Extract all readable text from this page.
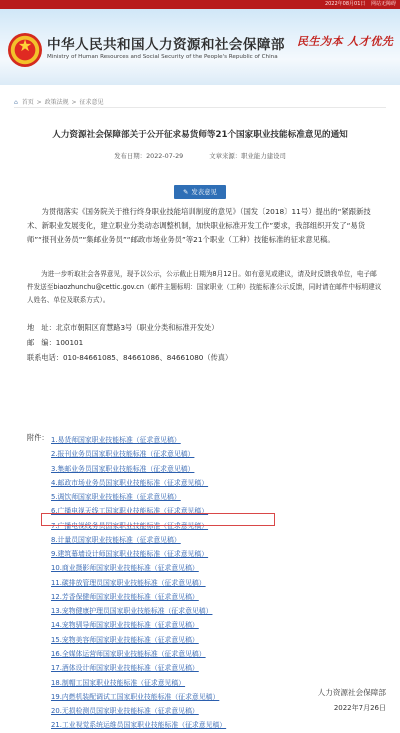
2022年08月01日 网站无障碍
★	中华人民共和国人力资源和社会保障部
Ministry of Human Resources and Social Security of the People's Republic of China
民生为本 人才优先
⌂ 首页 > 政策法规 > 征求意见
人力资源社会保障部关于公开征求易货师等21个国家职业技能标准意见的通知
发布日期：2022-07-29	文章来源：职业能力建设司
✎ 发表意见
为贯彻落实《国务院关于推行终身职业技能培训制度的意见》（国发〔2018〕11号）提出的“紧跟新技术、新职业发展变化，建立职业分类动态调整机制，加快职业标准开发工作”要求，我部组织开发了“易货师”“报刊业务员”“集邮业务员”“邮政市场业务员”等21个职业（工种）技能标准的征求意见稿。
为进一步听取社会各界意见，现予以公示，公示截止日期为8月12日。如有意见或建议，请及时反馈我单位，电子邮件发送至biaozhunchu@cettic.gov.cn（邮件主题标明：国家职业（工种）技能标准公示反馈，同时请在邮件中标明建议人姓名、单位及联系方式）。
地　址：北京市朝阳区育慧路3号（职业分类和标准开发处）
邮　编：100101
联系电话：010-84661085、84661086、84661080（传真）
附件： 1.易货师国家职业技能标准（征求意见稿）
2.报刊业务员国家职业技能标准（征求意见稿）
3.集邮业务员国家职业技能标准（征求意见稿）
4.邮政市场业务员国家职业技能标准（征求意见稿）
5.调饮师国家职业技能标准（征求意见稿）
6.广播电视天线工国家职业技能标准（征求意见稿）
7.广播电视线务员国家职业技能标准（征求意见稿）
8.计量员国家职业技能标准（征求意见稿）
9.建筑幕墙设计师国家职业技能标准（征求意见稿）
10.商业摄影师国家职业技能标准（征求意见稿）
11.碳排放管理员国家职业技能标准（征求意见稿）
12.芳香保健师国家职业技能标准（征求意见稿）
13.宠物健康护理员国家职业技能标准（征求意见稿）
14.宠物驯导师国家职业技能标准（征求意见稿）
15.宠物美容师国家职业技能标准（征求意见稿）
16.全媒体运营师国家职业技能标准（征求意见稿）
17.酒体设计师国家职业技能标准（征求意见稿）
18.制帽工国家职业技能标准（征求意见稿）
19.内燃机装配调试工国家职业技能标准（征求意见稿）
20.无损检测员国家职业技能标准（征求意见稿）
21.工业视觉系统运维员国家职业技能标准（征求意见稿）
人力资源社会保障部
2022年7月26日
